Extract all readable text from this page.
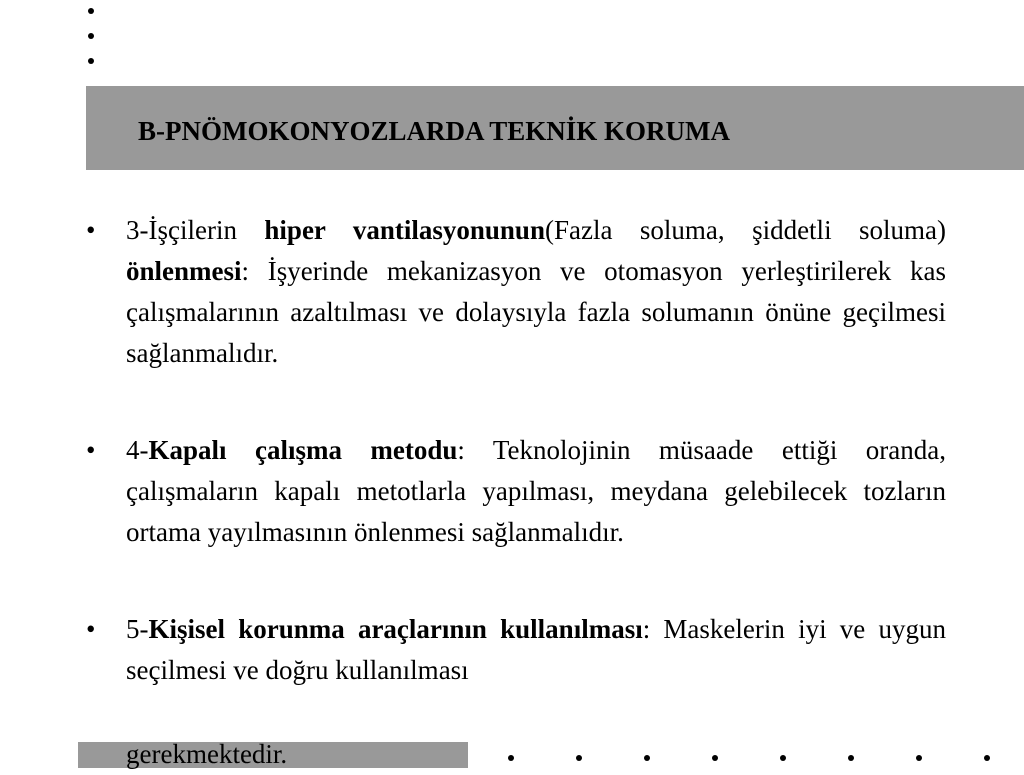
B-PNÖMOKONYOZLARDA TEKNİK KORUMA
• 3-İşçilerin hiper vantilasyonunun(Fazla soluma, şiddetli soluma) önlenmesi: İşyerinde mekanizasyon ve otomasyon yerleştirilerek kas çalışmalarının azaltılması ve dolaysıyla fazla solumanın önüne geçilmesi sağlanmalıdır.
• 4-Kapalı çalışma metodu: Teknolojinin müsaade ettiği oranda, çalışmaların kapalı metotlarla yapılması, meydana gelebilecek tozların ortama yayılmasının önlenmesi sağlanmalıdır.
• 5-Kişisel korunma araçlarının kullanılması: Maskelerin iyi ve uygun seçilmesi ve doğru kullanılması
gerekmektedir.
